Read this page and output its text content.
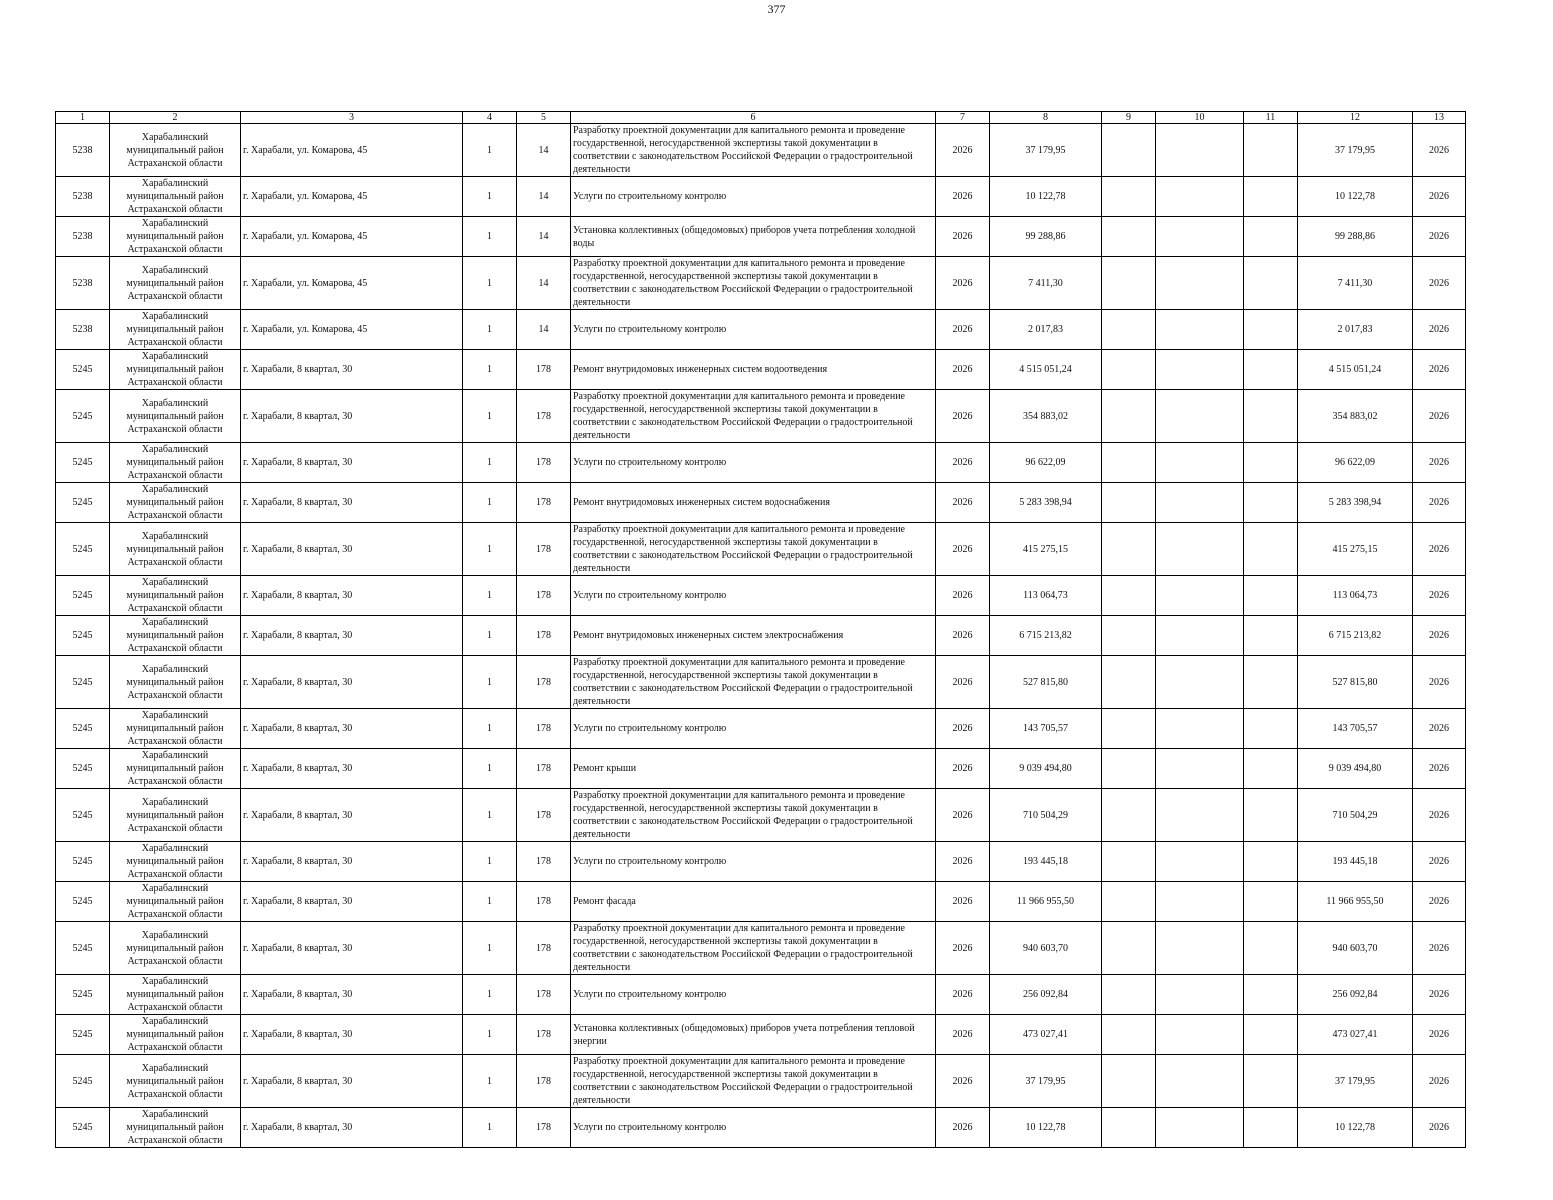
377
1	2	3	4	5	6	7	8	9	10	11	12	13
5238	Харабалинский муниципальный район Астраханской области	г. Харабали, ул. Комарова, 45	1	14	Разработку проектной документации для капитального ремонта и проведение государственной, негосударственной экспертизы такой документации в соответствии с законодательством Российской Федерации о градостроительной деятельности	2026	37 179,95				37 179,95	2026
5238	Харабалинский муниципальный район Астраханской области	г. Харабали, ул. Комарова, 45	1	14	Услуги по строительному контролю	2026	10 122,78				10 122,78	2026
5238	Харабалинский муниципальный район Астраханской области	г. Харабали, ул. Комарова, 45	1	14	Установка коллективных (общедомовых) приборов учета потребления холодной воды	2026	99 288,86				99 288,86	2026
5238	Харабалинский муниципальный район Астраханской области	г. Харабали, ул. Комарова, 45	1	14	Разработку проектной документации для капитального ремонта и проведение государственной, негосударственной экспертизы такой документации в соответствии с законодательством Российской Федерации о градостроительной деятельности	2026	7 411,30				7 411,30	2026
5238	Харабалинский муниципальный район Астраханской области	г. Харабали, ул. Комарова, 45	1	14	Услуги по строительному контролю	2026	2 017,83				2 017,83	2026
5245	Харабалинский муниципальный район Астраханской области	г. Харабали, 8 квартал, 30	1	178	Ремонт внутридомовых инженерных систем водоотведения	2026	4 515 051,24				4 515 051,24	2026
5245	Харабалинский муниципальный район Астраханской области	г. Харабали, 8 квартал, 30	1	178	Разработку проектной документации для капитального ремонта и проведение государственной, негосударственной экспертизы такой документации в соответствии с законодательством Российской Федерации о градостроительной деятельности	2026	354 883,02				354 883,02	2026
5245	Харабалинский муниципальный район Астраханской области	г. Харабали, 8 квартал, 30	1	178	Услуги по строительному контролю	2026	96 622,09				96 622,09	2026
5245	Харабалинский муниципальный район Астраханской области	г. Харабали, 8 квартал, 30	1	178	Ремонт внутридомовых инженерных систем водоснабжения	2026	5 283 398,94				5 283 398,94	2026
5245	Харабалинский муниципальный район Астраханской области	г. Харабали, 8 квартал, 30	1	178	Разработку проектной документации для капитального ремонта и проведение государственной, негосударственной экспертизы такой документации в соответствии с законодательством Российской Федерации о градостроительной деятельности	2026	415 275,15				415 275,15	2026
5245	Харабалинский муниципальный район Астраханской области	г. Харабали, 8 квартал, 30	1	178	Услуги по строительному контролю	2026	113 064,73				113 064,73	2026
5245	Харабалинский муниципальный район Астраханской области	г. Харабали, 8 квартал, 30	1	178	Ремонт внутридомовых инженерных систем электроснабжения	2026	6 715 213,82				6 715 213,82	2026
5245	Харабалинский муниципальный район Астраханской области	г. Харабали, 8 квартал, 30	1	178	Разработку проектной документации для капитального ремонта и проведение государственной, негосударственной экспертизы такой документации в соответствии с законодательством Российской Федерации о градостроительной деятельности	2026	527 815,80				527 815,80	2026
5245	Харабалинский муниципальный район Астраханской области	г. Харабали, 8 квартал, 30	1	178	Услуги по строительному контролю	2026	143 705,57				143 705,57	2026
5245	Харабалинский муниципальный район Астраханской области	г. Харабали, 8 квартал, 30	1	178	Ремонт крыши	2026	9 039 494,80				9 039 494,80	2026
5245	Харабалинский муниципальный район Астраханской области	г. Харабали, 8 квартал, 30	1	178	Разработку проектной документации для капитального ремонта и проведение государственной, негосударственной экспертизы такой документации в соответствии с законодательством Российской Федерации о градостроительной деятельности	2026	710 504,29				710 504,29	2026
5245	Харабалинский муниципальный район Астраханской области	г. Харабали, 8 квартал, 30	1	178	Услуги по строительному контролю	2026	193 445,18				193 445,18	2026
5245	Харабалинский муниципальный район Астраханской области	г. Харабали, 8 квартал, 30	1	178	Ремонт фасада	2026	11 966 955,50				11 966 955,50	2026
5245	Харабалинский муниципальный район Астраханской области	г. Харабали, 8 квартал, 30	1	178	Разработку проектной документации для капитального ремонта и проведение государственной, негосударственной экспертизы такой документации в соответствии с законодательством Российской Федерации о градостроительной деятельности	2026	940 603,70				940 603,70	2026
5245	Харабалинский муниципальный район Астраханской области	г. Харабали, 8 квартал, 30	1	178	Услуги по строительному контролю	2026	256 092,84				256 092,84	2026
5245	Харабалинский муниципальный район Астраханской области	г. Харабали, 8 квартал, 30	1	178	Установка коллективных (общедомовых) приборов учета потребления тепловой энергии	2026	473 027,41				473 027,41	2026
5245	Харабалинский муниципальный район Астраханской области	г. Харабали, 8 квартал, 30	1	178	Разработку проектной документации для капитального ремонта и проведение государственной, негосударственной экспертизы такой документации в соответствии с законодательством Российской Федерации о градостроительной деятельности	2026	37 179,95				37 179,95	2026
5245	Харабалинский муниципальный район Астраханской области	г. Харабали, 8 квартал, 30	1	178	Услуги по строительному контролю	2026	10 122,78				10 122,78	2026
